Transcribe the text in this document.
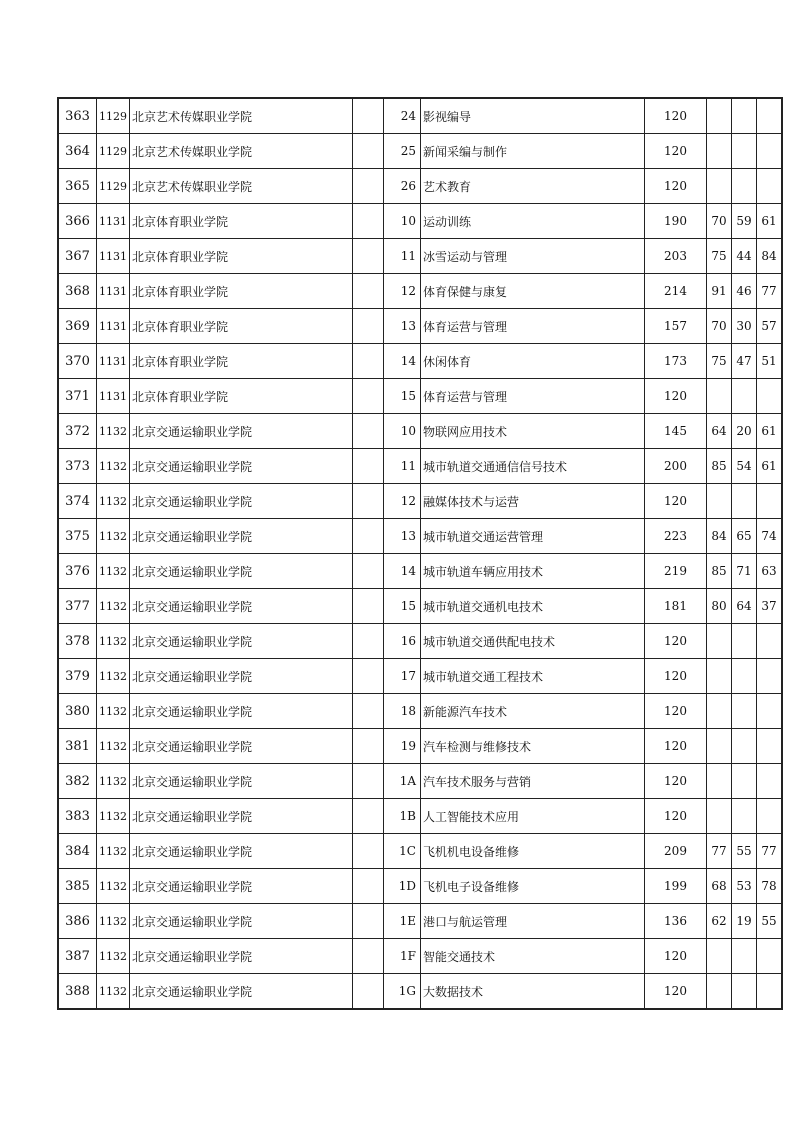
363	1129	北京艺术传媒职业学院		24	影视编导	120			
364	1129	北京艺术传媒职业学院		25	新闻采编与制作	120			
365	1129	北京艺术传媒职业学院		26	艺术教育	120			
366	1131	北京体育职业学院		10	运动训练	190	70	59	61
367	1131	北京体育职业学院		11	冰雪运动与管理	203	75	44	84
368	1131	北京体育职业学院		12	体育保健与康复	214	91	46	77
369	1131	北京体育职业学院		13	体育运营与管理	157	70	30	57
370	1131	北京体育职业学院		14	休闲体育	173	75	47	51
371	1131	北京体育职业学院		15	体育运营与管理	120			
372	1132	北京交通运输职业学院		10	物联网应用技术	145	64	20	61
373	1132	北京交通运输职业学院		11	城市轨道交通通信信号技术	200	85	54	61
374	1132	北京交通运输职业学院		12	融媒体技术与运营	120			
375	1132	北京交通运输职业学院		13	城市轨道交通运营管理	223	84	65	74
376	1132	北京交通运输职业学院		14	城市轨道车辆应用技术	219	85	71	63
377	1132	北京交通运输职业学院		15	城市轨道交通机电技术	181	80	64	37
378	1132	北京交通运输职业学院		16	城市轨道交通供配电技术	120			
379	1132	北京交通运输职业学院		17	城市轨道交通工程技术	120			
380	1132	北京交通运输职业学院		18	新能源汽车技术	120			
381	1132	北京交通运输职业学院		19	汽车检测与维修技术	120			
382	1132	北京交通运输职业学院		1A	汽车技术服务与营销	120			
383	1132	北京交通运输职业学院		1B	人工智能技术应用	120			
384	1132	北京交通运输职业学院		1C	飞机机电设备维修	209	77	55	77
385	1132	北京交通运输职业学院		1D	飞机电子设备维修	199	68	53	78
386	1132	北京交通运输职业学院		1E	港口与航运管理	136	62	19	55
387	1132	北京交通运输职业学院		1F	智能交通技术	120			
388	1132	北京交通运输职业学院		1G	大数据技术	120			
